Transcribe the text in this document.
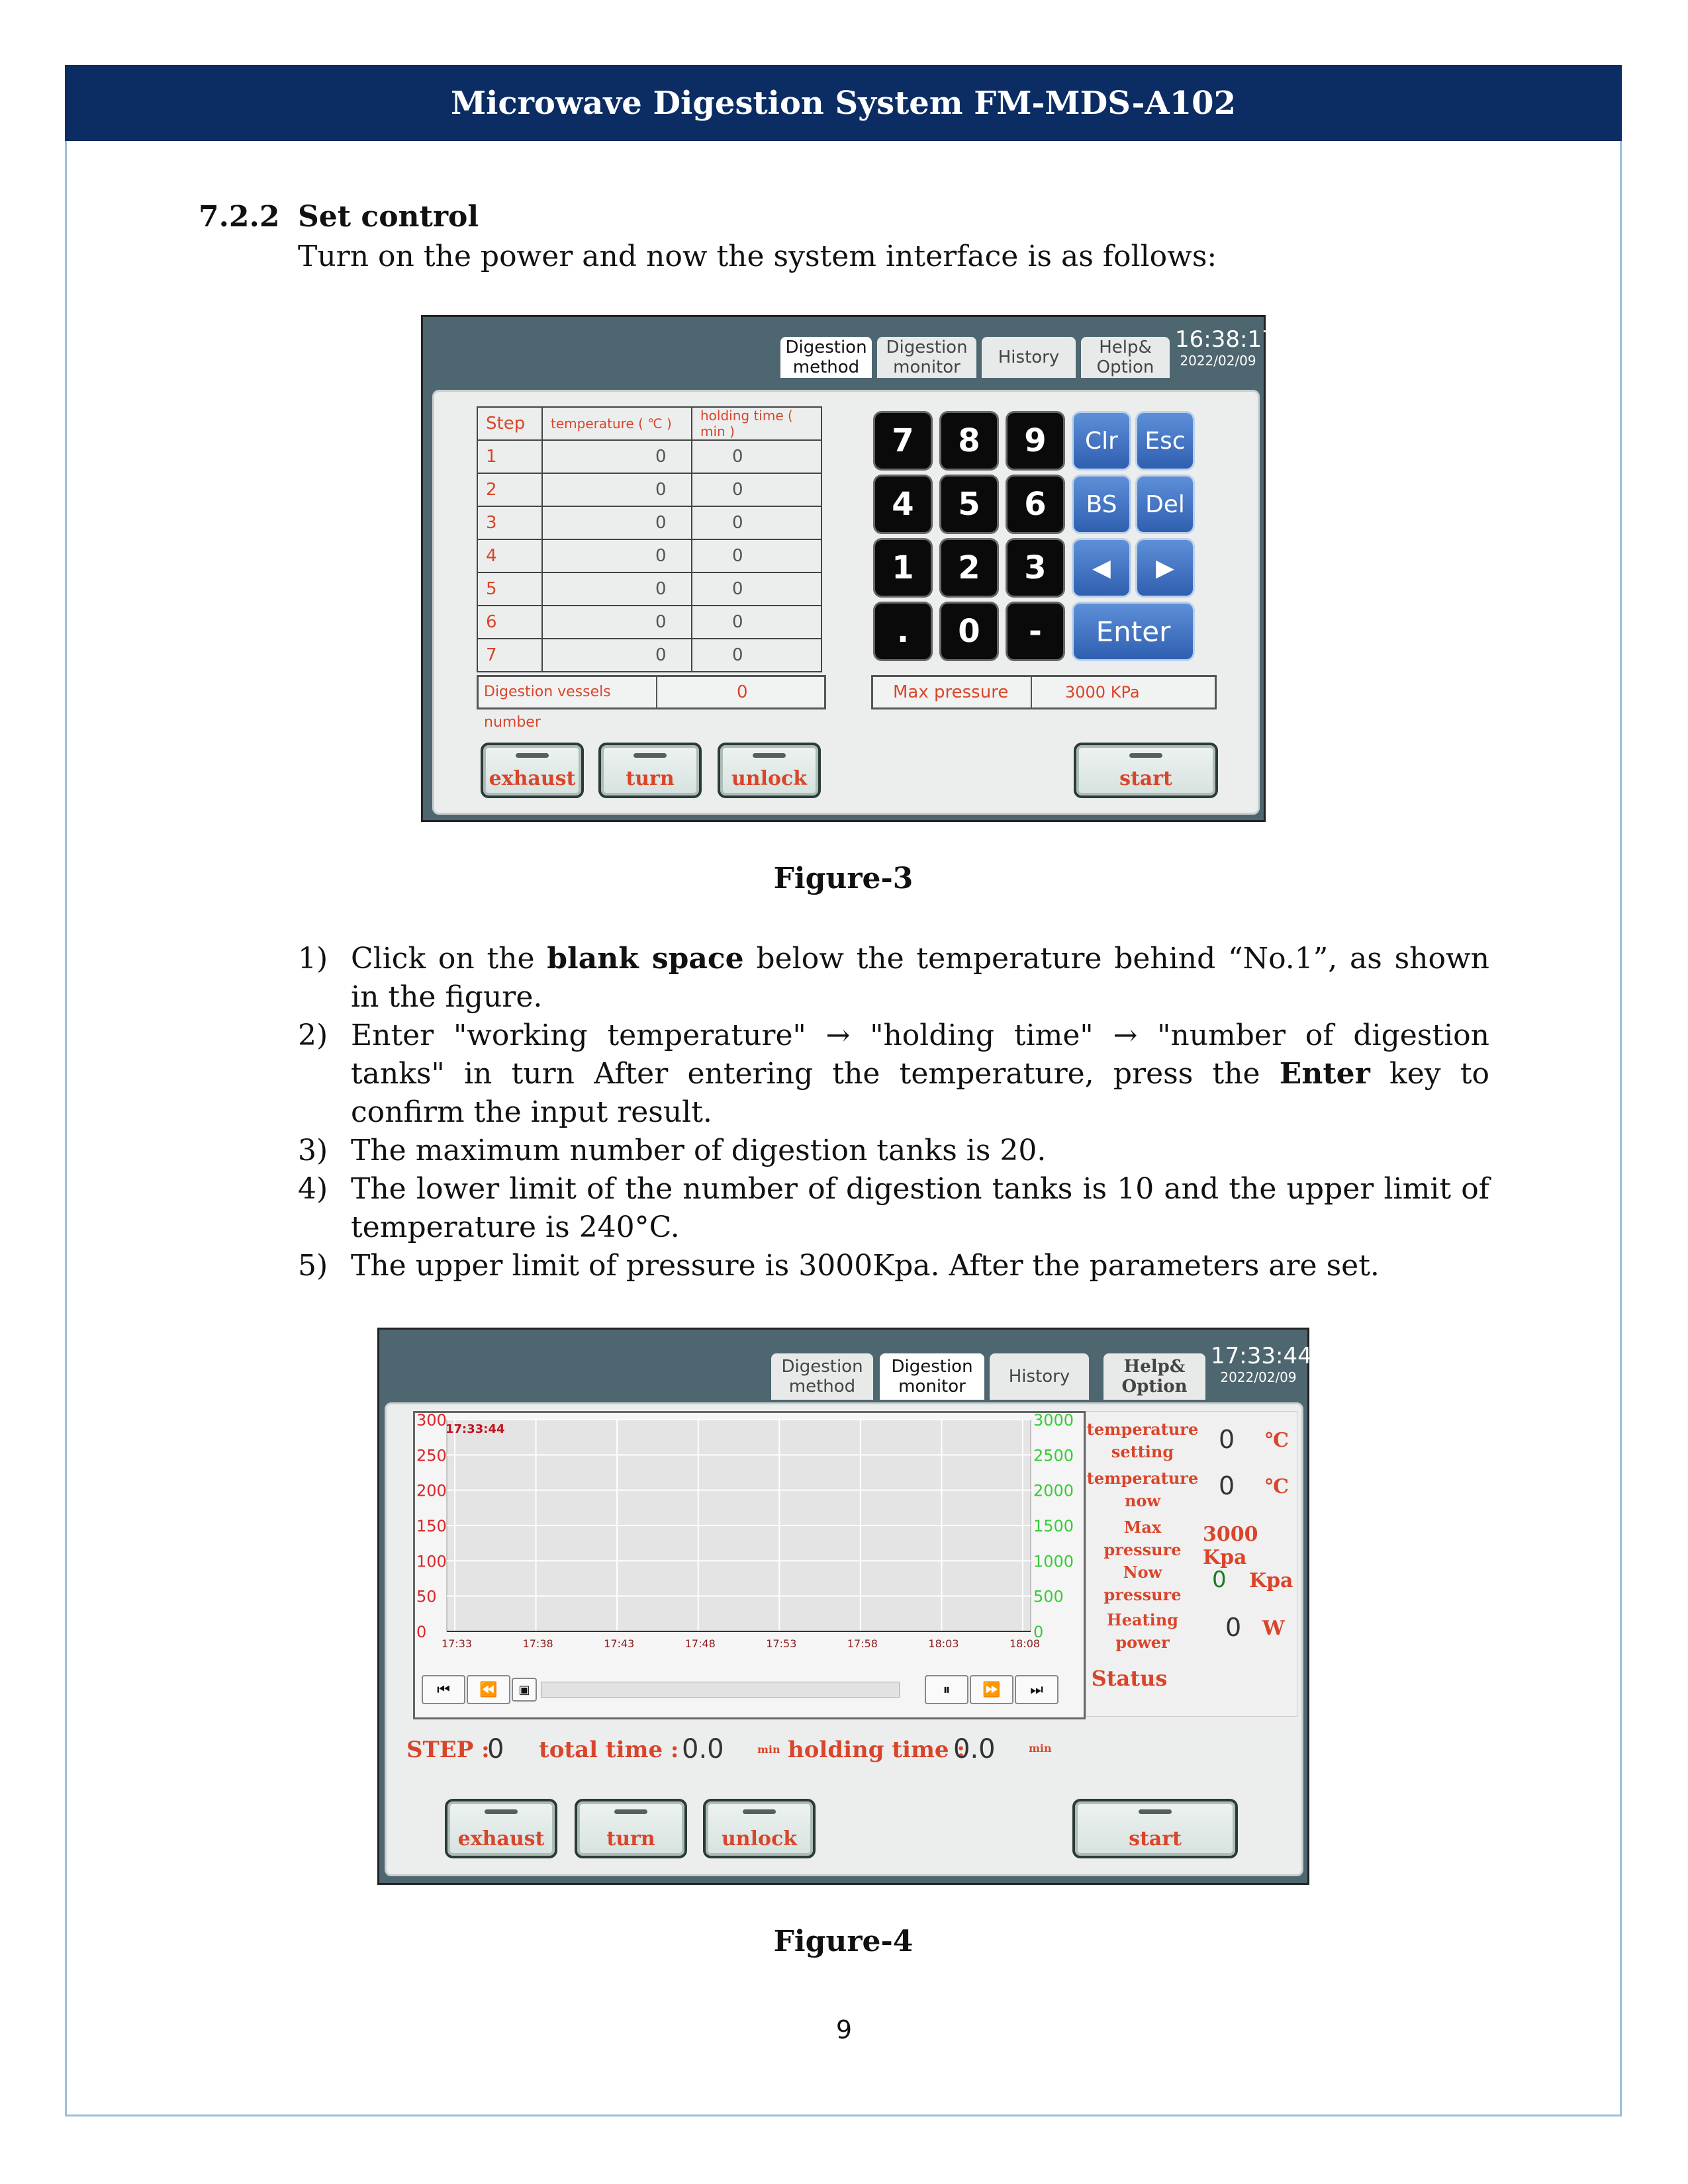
Microwave Digestion System FM-MDS-A102
7.2.2 Set control
Turn on the power and now the system interface is as follows:
Digestion
method
Digestion
monitor	History Help&
Option
16:38:17
2022/02/09
Step	temperature ( ℃ )	holding time ( min )
1	0	0
2	0	0
3	0	0
4	0	0
5	0	0
6	0	0
7	0	0
Digestion vessels number
0
7	8	9	Clr	Esc
4	5	6	BS	Del
1	2	3	◀	▶
.	0	-	Enter
Max pressure	3000 KPa
exhaust	turn	unlock	start
Figure-3
1) Click on the blank space below the temperature behind “No.1”, as shown in the figure.
2) Enter "working temperature" → "holding time" → "number of digestion tanks" in turn After entering the temperature, press the Enter key to confirm the input result.
3) The maximum number of digestion tanks is 20.
4) The lower limit of the number of digestion tanks is 10 and the upper limit of temperature is 240°C.
5) The upper limit of pressure is 3000Kpa. After the parameters are set.
Digestion
method
Digestion
monitor	History	Help&
Option
17:33:44
2022/02/09
300	3000
250	2500
200	2000
150	1500
100	1000
50	500
0	0
17:33	17:38	17:43	17:48	17:53	17:58	18:03	18:08
17:33:44
⏮	⏪	▣	⏸	⏩	⏭
temperature
setting	0 ℃
temperature
now
0 ℃
Max
pressure
3000 Kpa
Now
pressure
0 Kpa
Heating
power
0 W
Status
STEP :
0 total time : 0.0	min holding time :
0.0	min
exhaust	turn	unlock	start
Figure-4
9
